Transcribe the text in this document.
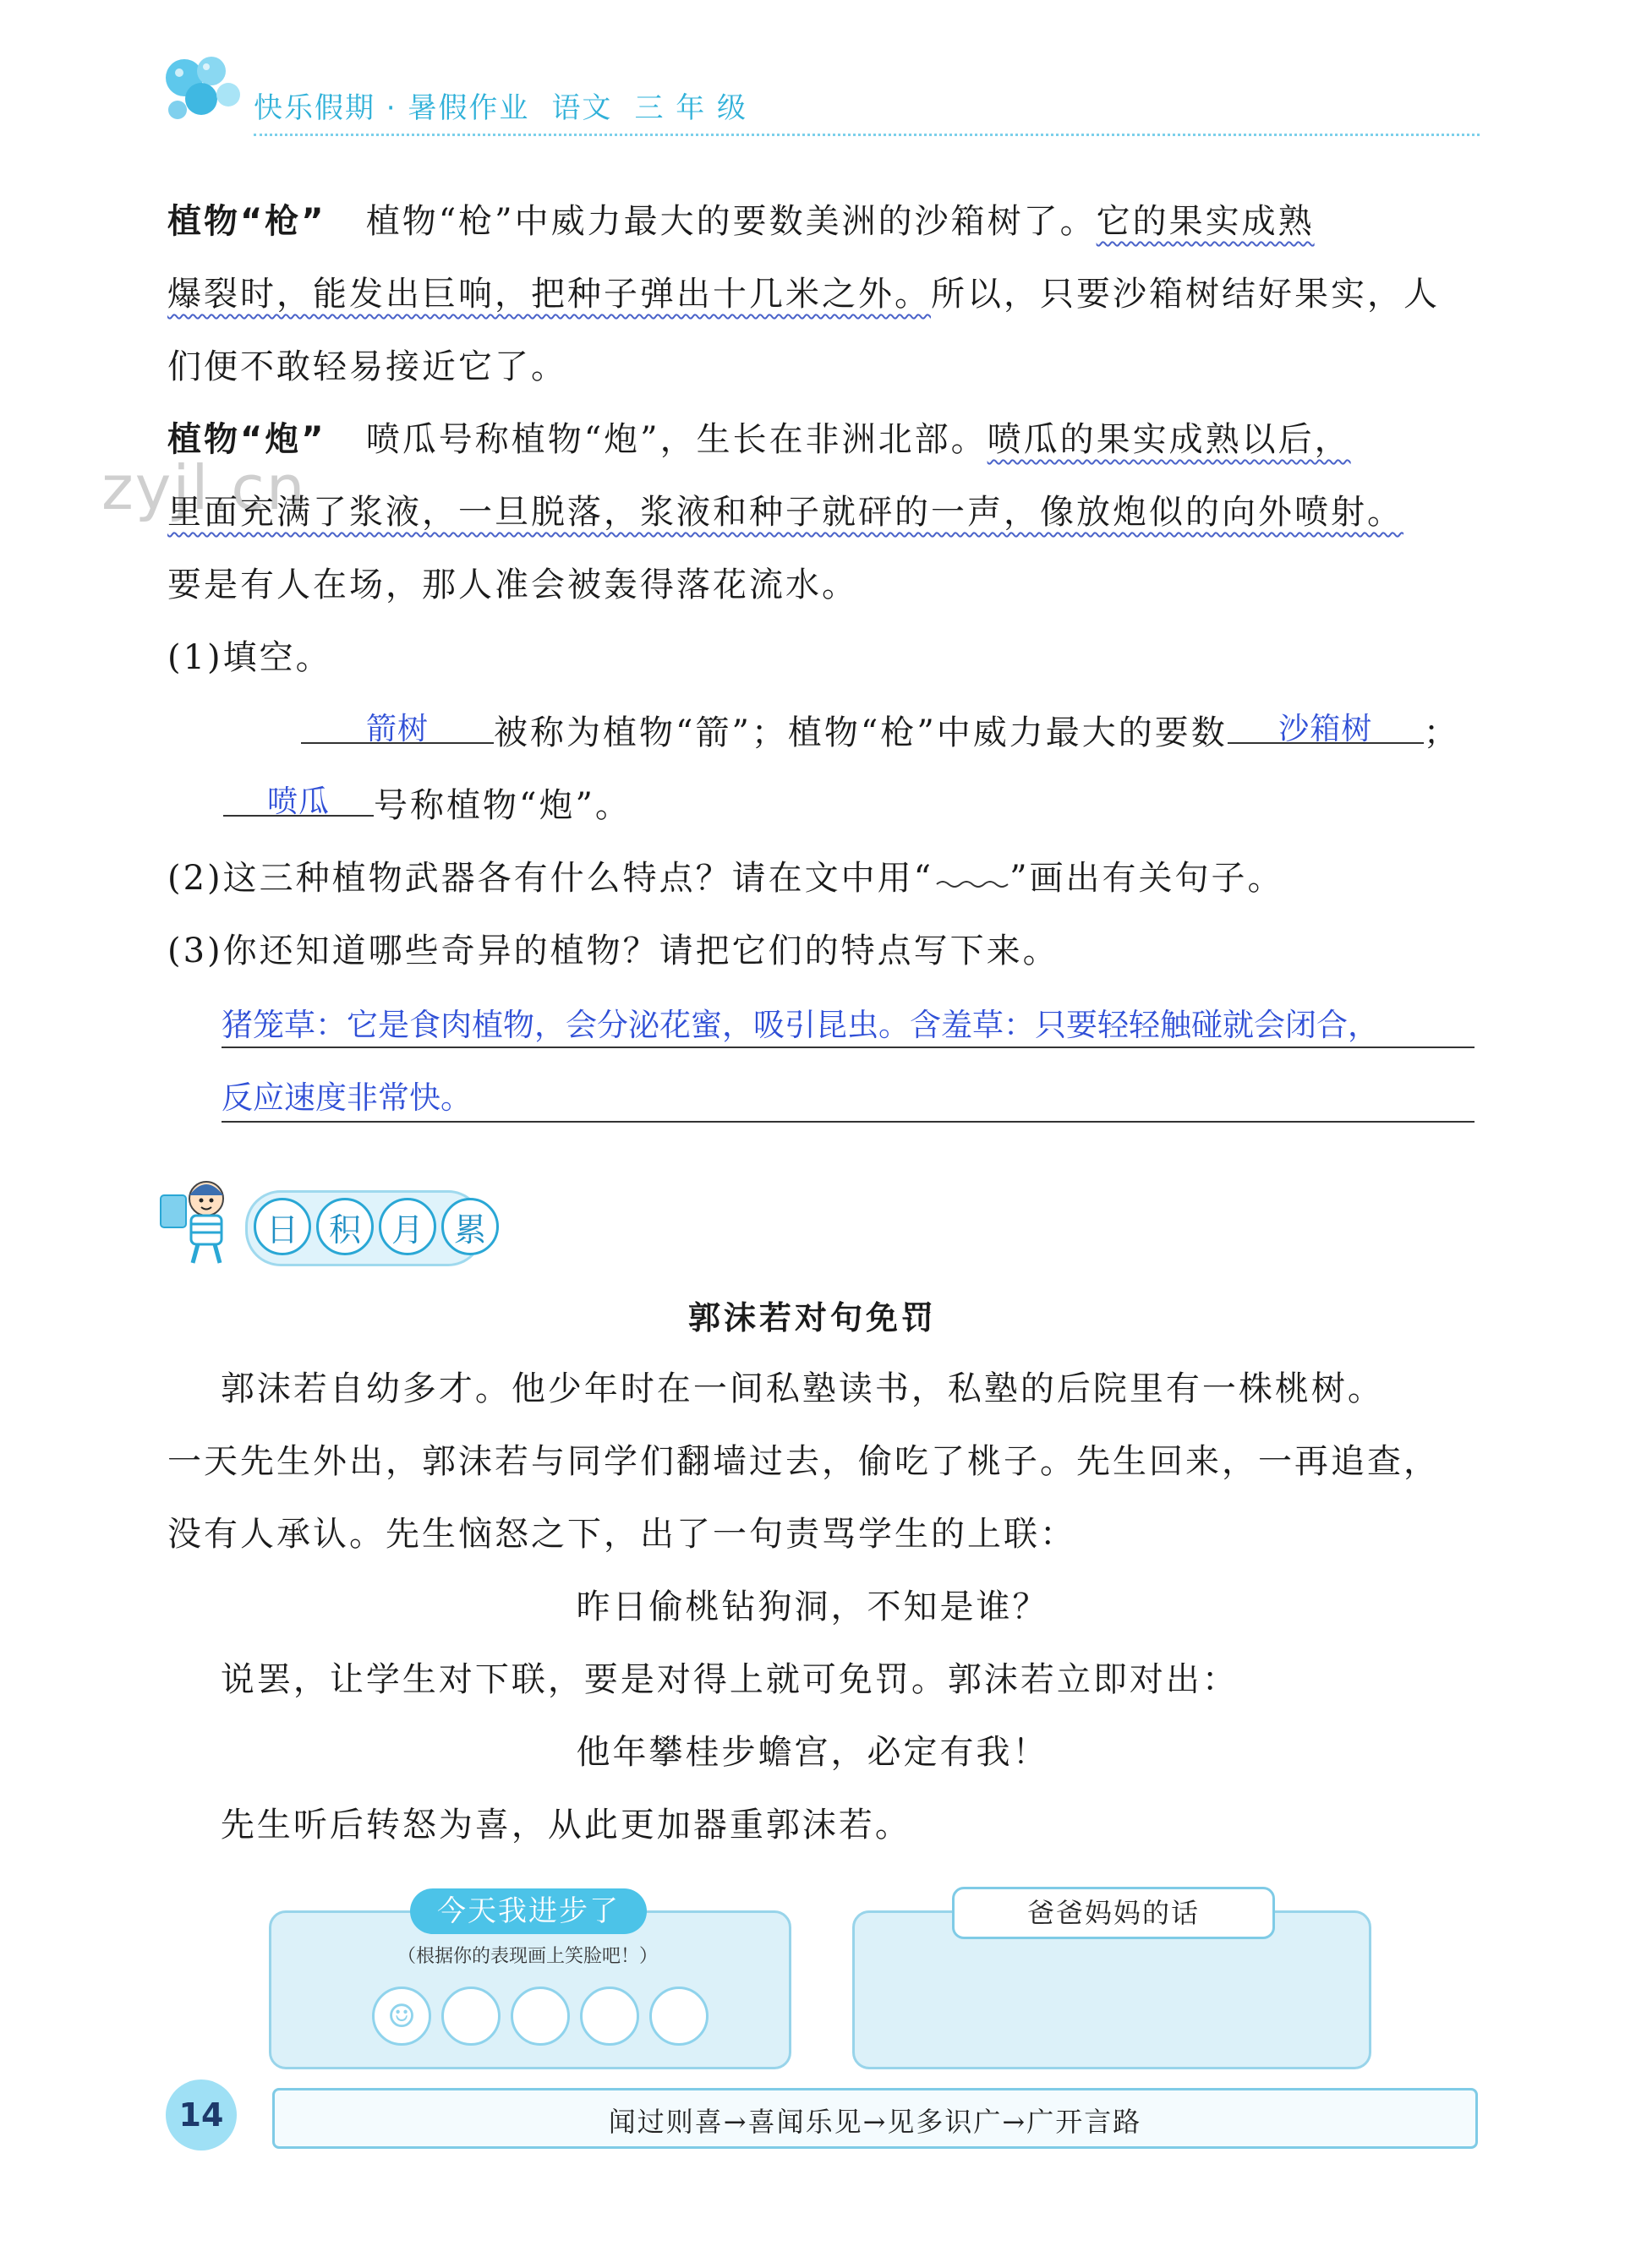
快乐假期 · 暑假作业 语文 三 年 级
zyjl.cn
植物“枪” 植物“枪”中威力最大的要数美洲的沙箱树了。它的果实成熟
爆裂时，能发出巨响，把种子弹出十几米之外。所以，只要沙箱树结好果实，人
们便不敢轻易接近它了。
植物“炮” 喷瓜号称植物“炮”，生长在非洲北部。喷瓜的果实成熟以后，
里面充满了浆液，一旦脱落，浆液和种子就砰的一声，像放炮似的向外喷射。
要是有人在场，那人准会被轰得落花流水。
(1)填空。
箭树	被称为植物“箭”；植物“枪”中威力最大的要数	沙箱树	；
喷瓜	号称植物“炮”。
(2)这三种植物武器各有什么特点？请在文中用“ ”画出有关句子。
(3)你还知道哪些奇异的植物？请把它们的特点写下来。
猪笼草：它是食肉植物，会分泌花蜜，吸引昆虫。含羞草：只要轻轻触碰就会闭合，
反应速度非常快。
日 积 月 累
郭沫若对句免罚
郭沫若自幼多才。他少年时在一间私塾读书，私塾的后院里有一株桃树。
一天先生外出，郭沫若与同学们翻墙过去，偷吃了桃子。先生回来，一再追查，
没有人承认。先生恼怒之下，出了一句责骂学生的上联：
昨日偷桃钻狗洞，不知是谁？
说罢，让学生对下联，要是对得上就可免罚。郭沫若立即对出：
他年攀桂步蟾宫，必定有我！
先生听后转怒为喜，从此更加器重郭沫若。
今天我进步了
（根据你的表现画上笑脸吧！）
☺
爸爸妈妈的话
14	闻过则喜→喜闻乐见→见多识广→广开言路
